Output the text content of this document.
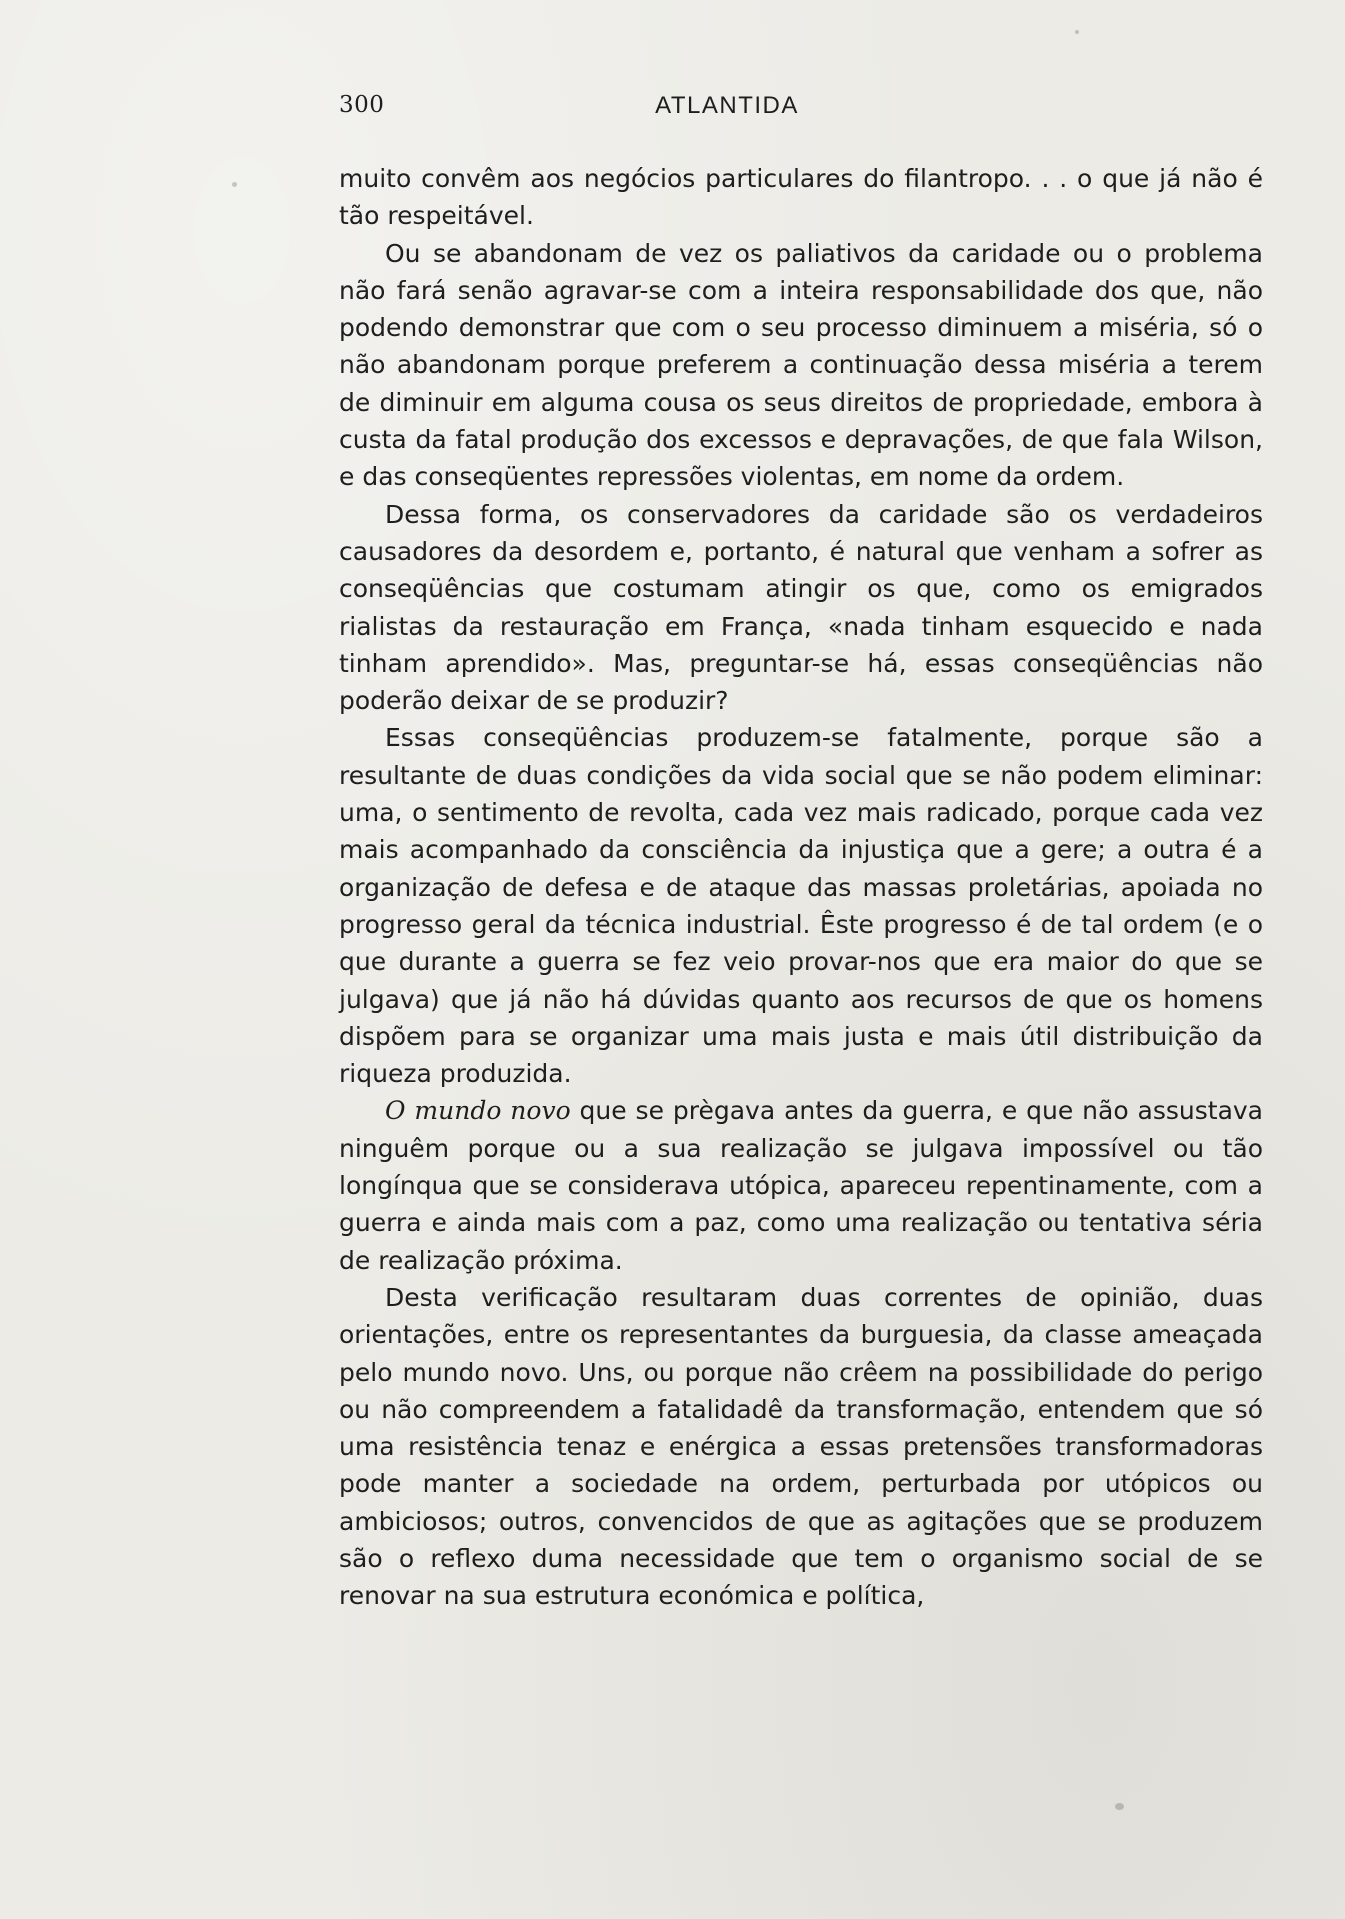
300	ATLANTIDA

muito convêm aos negócios particulares do filantropo. . . o que já não é tão respeitável.

Ou se abandonam de vez os paliativos da caridade ou o problema não fará senão agravar-se com a inteira responsabilidade dos que, não podendo demonstrar que com o seu processo diminuem a miséria, só o não abandonam porque preferem a continuação dessa miséria a terem de diminuir em alguma cousa os seus direitos de propriedade, embora à custa da fatal produção dos excessos e depravações, de que fala Wilson, e das conseqüentes repressões violentas, em nome da ordem.

Dessa forma, os conservadores da caridade são os verdadeiros causadores da desordem e, portanto, é natural que venham a sofrer as conseqüências que costumam atingir os que, como os emigrados rialistas da restauração em França, «nada tinham esquecido e nada tinham aprendido». Mas, preguntar-se há, essas conseqüências não poderão deixar de se produzir?

Essas conseqüências produzem-se fatalmente, porque são a resultante de duas condições da vida social que se não podem eliminar: uma, o sentimento de revolta, cada vez mais radicado, porque cada vez mais acompanhado da consciência da injustiça que a gere; a outra é a organização de defesa e de ataque das massas proletárias, apoiada no progresso geral da técnica industrial. Êste progresso é de tal ordem (e o que durante a guerra se fez veio provar-nos que era maior do que se julgava) que já não há dúvidas quanto aos recursos de que os homens dispõem para se organizar uma mais justa e mais útil distribuição da riqueza produzida.

O mundo novo que se prègava antes da guerra, e que não assustava ninguêm porque ou a sua realização se julgava impossível ou tão longínqua que se considerava utópica, apareceu repentinamente, com a guerra e ainda mais com a paz, como uma realização ou tentativa séria de realização próxima.

Desta verificação resultaram duas correntes de opinião, duas orientações, entre os representantes da burguesia, da classe ameaçada pelo mundo novo. Uns, ou porque não crêem na possibilidade do perigo ou não compreendem a fatalidadê da transformação, entendem que só uma resistência tenaz e enérgica a essas pretensões transformadoras pode manter a sociedade na ordem, perturbada por utópicos ou ambiciosos; outros, convencidos de que as agitações que se produzem são o reflexo duma necessidade que tem o organismo social de se renovar na sua estrutura económica e política,
